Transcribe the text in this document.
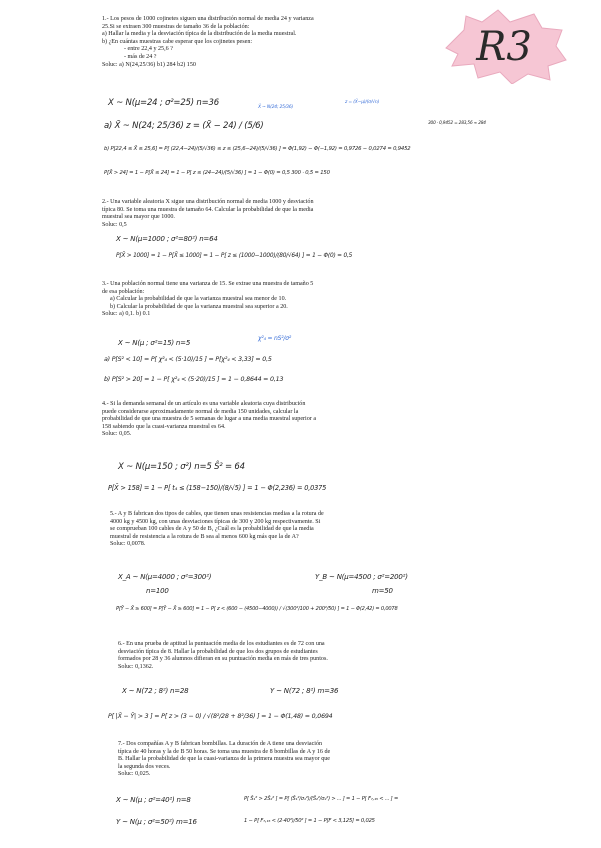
R3

1.- Los pesos de 1000 cojinetes siguen una distribución normal de media 24 y varianza

25.Si se extraen 300 muestras de tamaño 36 de la población:

a) Hallar la media y la desviación típica de la distribución de la media muestral.

b) ¿En cuántas muestras cabe esperar que los cojinetes pesen:

- entre 22,4 y 25,6 ?

- más de 24 ?

Soluc: a) N(24,25/36) b1) 284 b2) 150

X ~ N(μ=24 ; σ²=25) n=36	X̄ ~ N(24; 25/36)
z = (X̄−μ)/(σ/√n)
a) X̄ ~ N(24; 25/36) z = (X̄ − 24) / (5/6)	300 · 0,9452 = 283,56 ≈ 284
b) P[22,4 ≤ X̄ ≤ 25,6] = P[ (22,4−24)/(5/√36) ≤ z ≤ (25,6−24)/(5/√36) ] = Φ(1,92) − Φ(−1,92) = 0,9726 − 0,0274 = 0,9452
P[X̄ > 24] = 1 − P[X̄ ≤ 24] = 1 − P[ z ≤ (24−24)/(5/√36) ] = 1 − Φ(0) = 0,5 300 · 0,5 = 150

2.- Una variable aleatoria X sigue una distribución normal de media 1000 y desviación

típica 80. Se toma una muestra de tamaño 64. Calcular la probabilidad de que la media

muestral sea mayor que 1000.

Soluc: 0,5

X ~ N(μ=1000 ; σ²=80²) n=64
P[X̄ > 1000] = 1 − P[X̄ ≤ 1000] = 1 − P[ z ≤ (1000−1000)/(80/√64) ] = 1 − Φ(0) = 0,5

3.- Una población normal tiene una varianza de 15. Se extrae una muestra de tamaño 5

de esa población:

a) Calcular la probabilidad de que la varianza muestral sea menor de 10.

b) Calcular la probabilidad de que la varianza muestral sea superior a 20.

Soluc: a) 0,1. b) 0.1

X ~ N(μ ; σ²=15) n=5
χ²₄ = nS²/σ²
a) P[S² < 10] = P[ χ²₄ < (5·10)/15 ] = P[χ²₄ < 3,33] = 0,5
b) P[S² > 20] = 1 − P[ χ²₄ < (5·20)/15 ] = 1 − 0,8644 = 0,13

4.- Si la demanda semanal de un artículo es una variable aleatoria cuya distribución

puede considerarse aproximadamente normal de media 150 unidades, calcular la

probabilidad de que una muestra de 5 semanas de lugar a una media muestral superior a

158 sabiendo que la cuasi-varianza muestral es 64.

Soluc: 0,05.

X ~ N(μ=150 ; σ²) n=5 Ŝ² = 64
P[X̄ > 158] = 1 − P[ t₄ ≤ (158−150)/(8/√5) ] = 1 − Φ(2,236) = 0,0375

5.- A y B fabrican dos tipos de cables, que tienen unas resistencias medias a la rotura de

4000 kg y 4500 kg, con unas desviaciones típicas de 300 y 200 kg respectivamente. Si

se comprueban 100 cables de A y 50 de B, ¿Cuál es la probabilidad de que la media

muestral de resistencia a la rotura de B sea al menos 600 kg más que la de A?

Soluc: 0,0078.

X_A ~ N(μ=4000 ; σ²=300²)	Y_B ~ N(μ=4500 ; σ²=200²)
n=100	m=50
P[Ȳ − X̄ ≥ 600] = P[Ȳ − X̄ ≥ 600] = 1 − P[ z < (600 − (4500−4000)) / √(300²/100 + 200²/50) ] = 1 − Φ(2,42) = 0,0078

6.- En una prueba de aptitud la puntuación media de los estudiantes es de 72 con una

desviación típica de 8. Hallar la probabilidad de que los dos grupos de estudiantes

formados por 28 y 36 alumnos difieran en su puntuación media en más de tres puntos.

Soluc: 0,1362.

X ~ N(72 ; 8²) n=28	Y ~ N(72 ; 8²) m=36
P[ |X̄ − Ȳ| > 3 ] = P[ z > (3 − 0) / √(8²/28 + 8²/36) ] = 1 − Φ(1,48) = 0,0694

7.- Dos compañías A y B fabrican bombillas. La duración de A tiene una desviación

típica de 40 horas y la de B 50 horas. Se toma una muestra de 8 bombillas de A y 16 de

B. Hallar la probabilidad de que la cuasi-varianza de la primera muestra sea mayor que

la segunda dos veces.

Soluc: 0,025.

X ~ N(μ ; σ²=40²) n=8	P[ Ŝ₁² > 2Ŝ₂² ] = P[ (Ŝ₁²/σ₁²)/(Ŝ₂²/σ₂²) > ... ] = 1 − P[ F₇,₁₅ < ... ] =
Y ~ N(μ ; σ²=50²) m=16	1 − P[ F₇,₁₅ < (2·40²)/50² ] = 1 − P[F < 3,125] = 0,025
